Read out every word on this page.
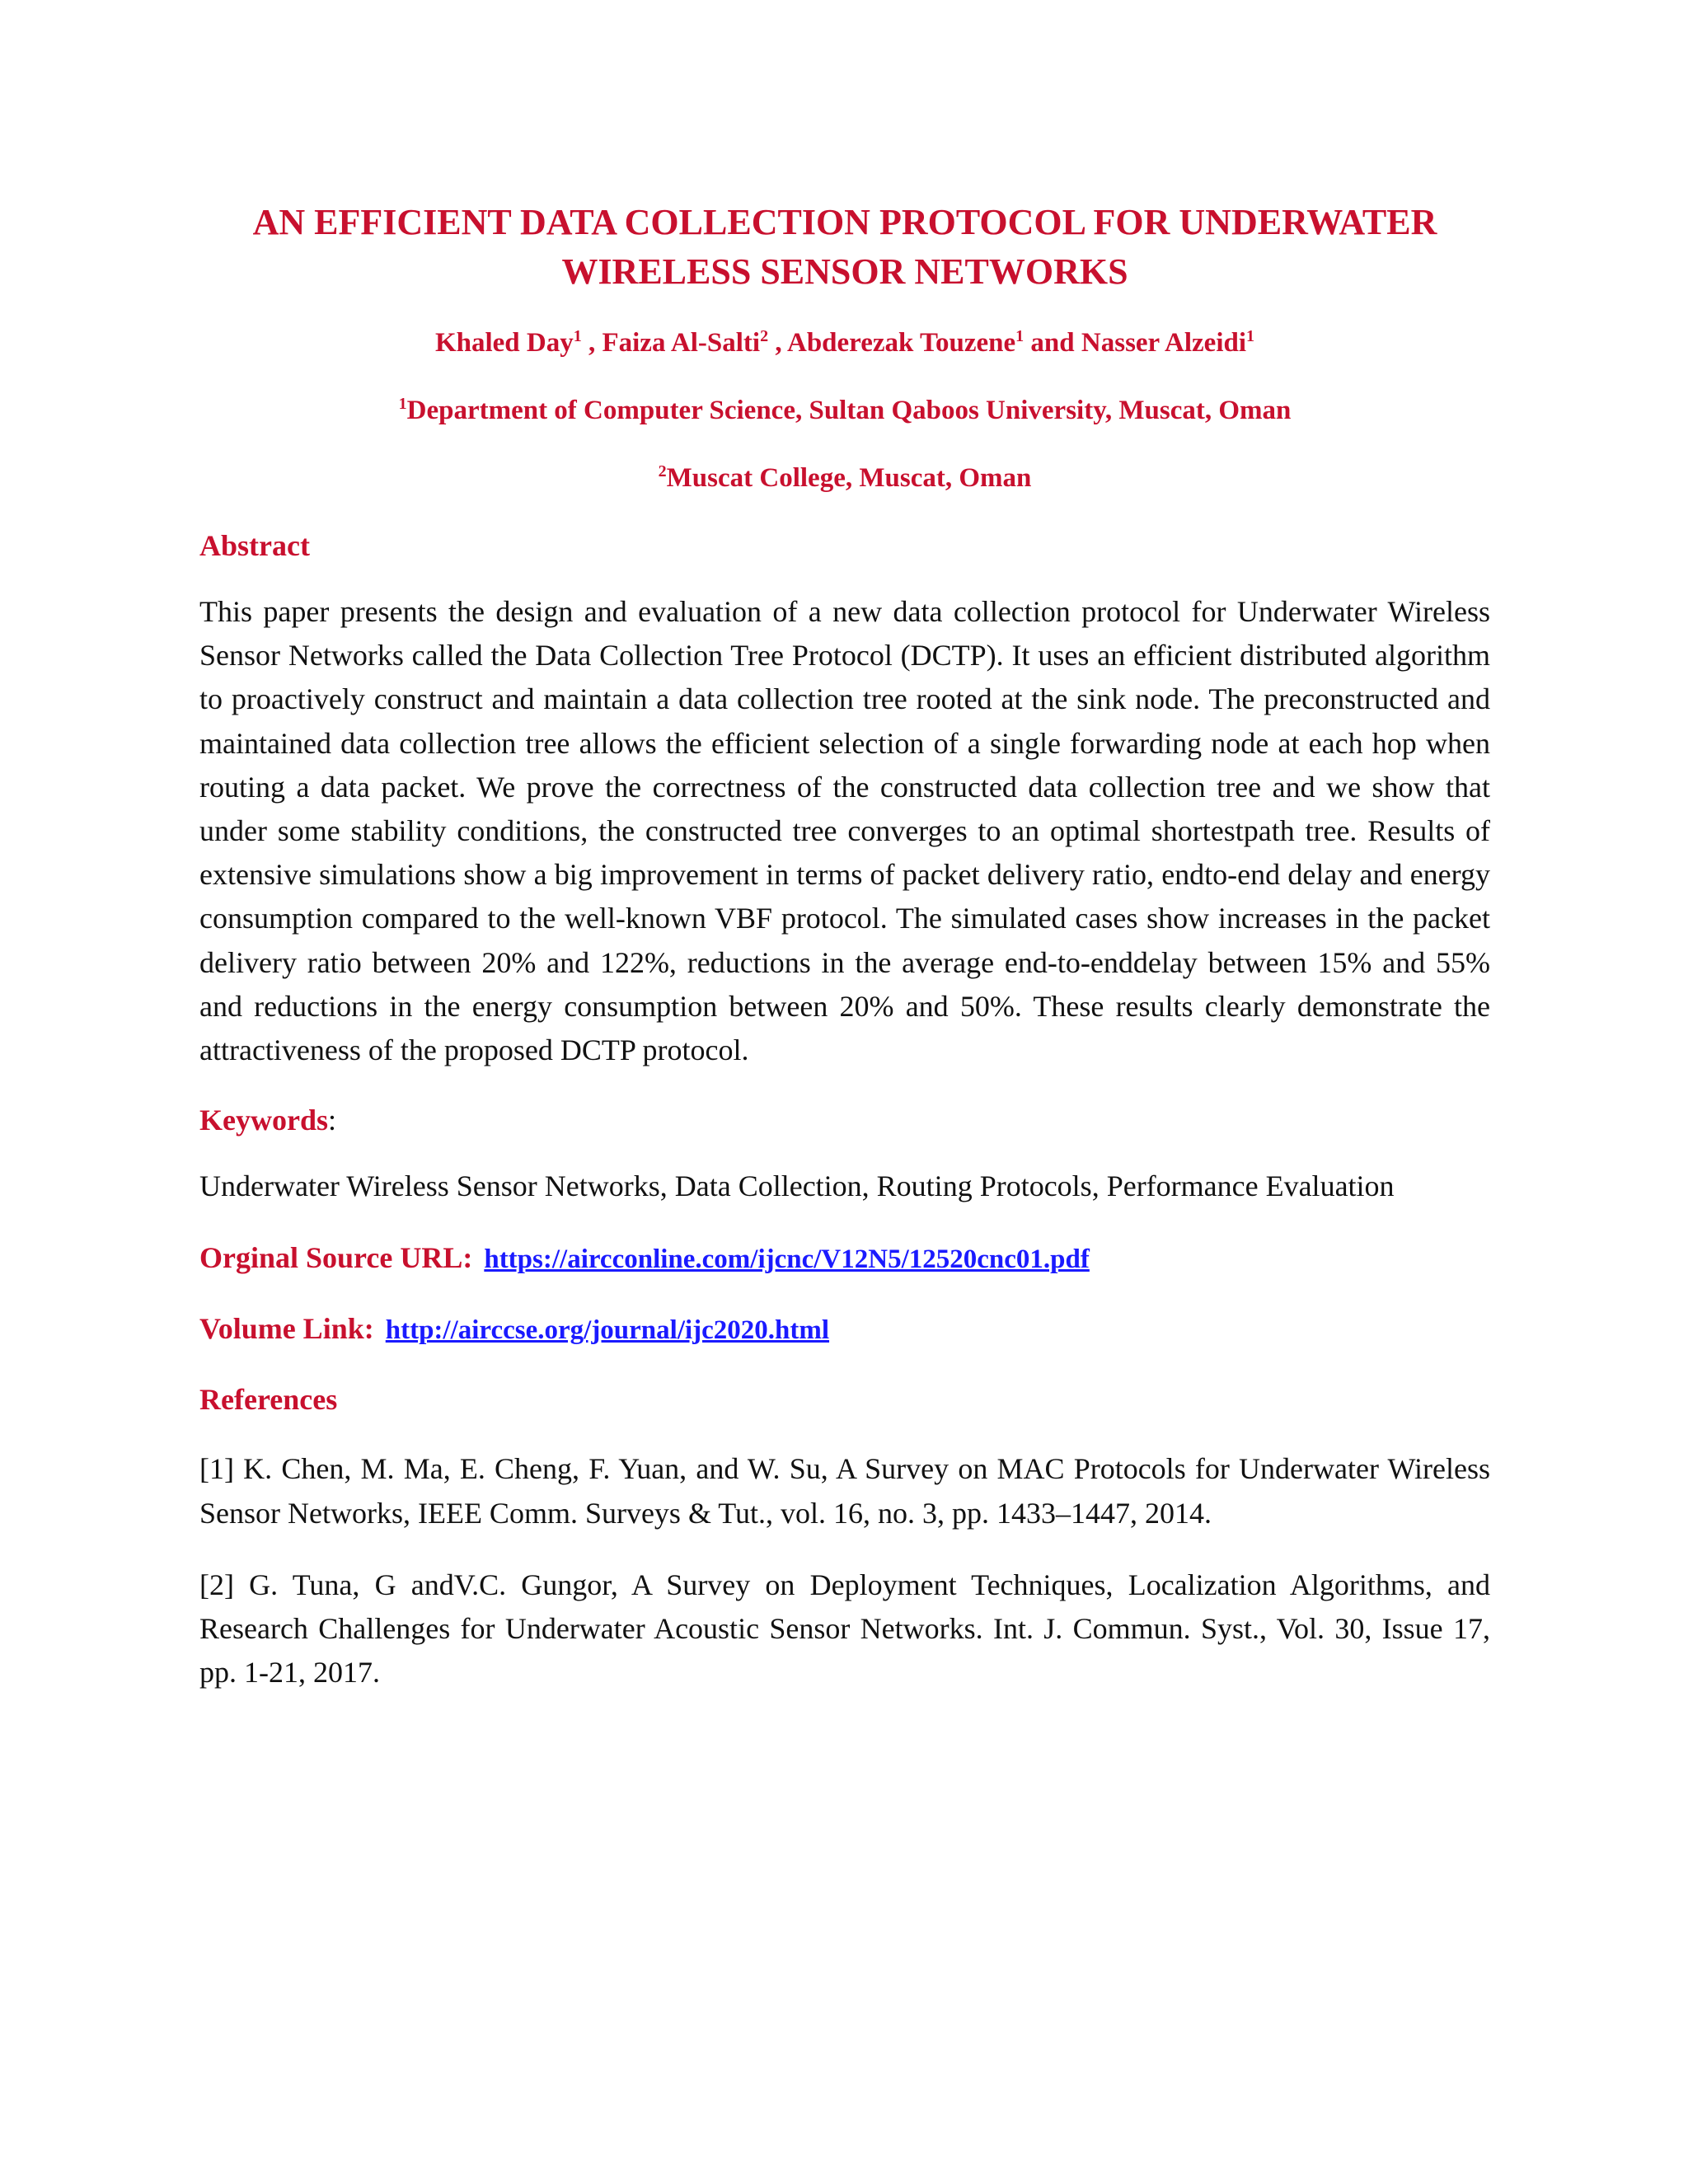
AN EFFICIENT DATA COLLECTION PROTOCOL FOR UNDERWATER
WIRELESS SENSOR NETWORKS
Khaled Day$^1$ , Faiza Al-Salti$^2$ , Abderezak Touzene$^1$ and Nasser Alzeidi$^1$
$^1$Department of Computer Science, Sultan Qaboos University, Muscat, Oman
$^2$Muscat College, Muscat, Oman
Abstract

This paper presents the design and evaluation of a new data collection protocol for Underwater Wireless Sensor Networks called the Data Collection Tree Protocol (DCTP). It uses an efficient distributed algorithm to proactively construct and maintain a data collection tree rooted at the sink node. The preconstructed and maintained data collection tree allows the efficient selection of a single forwarding node at each hop when routing a data packet. We prove the correctness of the constructed data collection tree and we show that under some stability conditions, the constructed tree converges to an optimal shortestpath tree. Results of extensive simulations show a big improvement in terms of packet delivery ratio, endto-end delay and energy consumption compared to the well-known VBF protocol. The simulated cases show increases in the packet delivery ratio between 20% and 122%, reductions in the average end-to-enddelay between 15% and 55% and reductions in the energy consumption between 20% and 50%. These results clearly demonstrate the attractiveness of the proposed DCTP protocol.

Keywords:

Underwater Wireless Sensor Networks, Data Collection, Routing Protocols, Performance Evaluation

Orginal Source URL: https://aircconline.com/ijcnc/V12N5/12520cnc01.pdf
Volume Link: http://airccse.org/journal/ijc2020.html
References

[1] K. Chen, M. Ma, E. Cheng, F. Yuan, and W. Su, A Survey on MAC Protocols for Underwater Wireless Sensor Networks, IEEE Comm. Surveys & Tut., vol. 16, no. 3, pp. 1433–1447, 2014.

[2] G. Tuna, G andV.C. Gungor, A Survey on Deployment Techniques, Localization Algorithms, and Research Challenges for Underwater Acoustic Sensor Networks. Int. J. Commun. Syst., Vol. 30, Issue 17, pp. 1-21, 2017.
